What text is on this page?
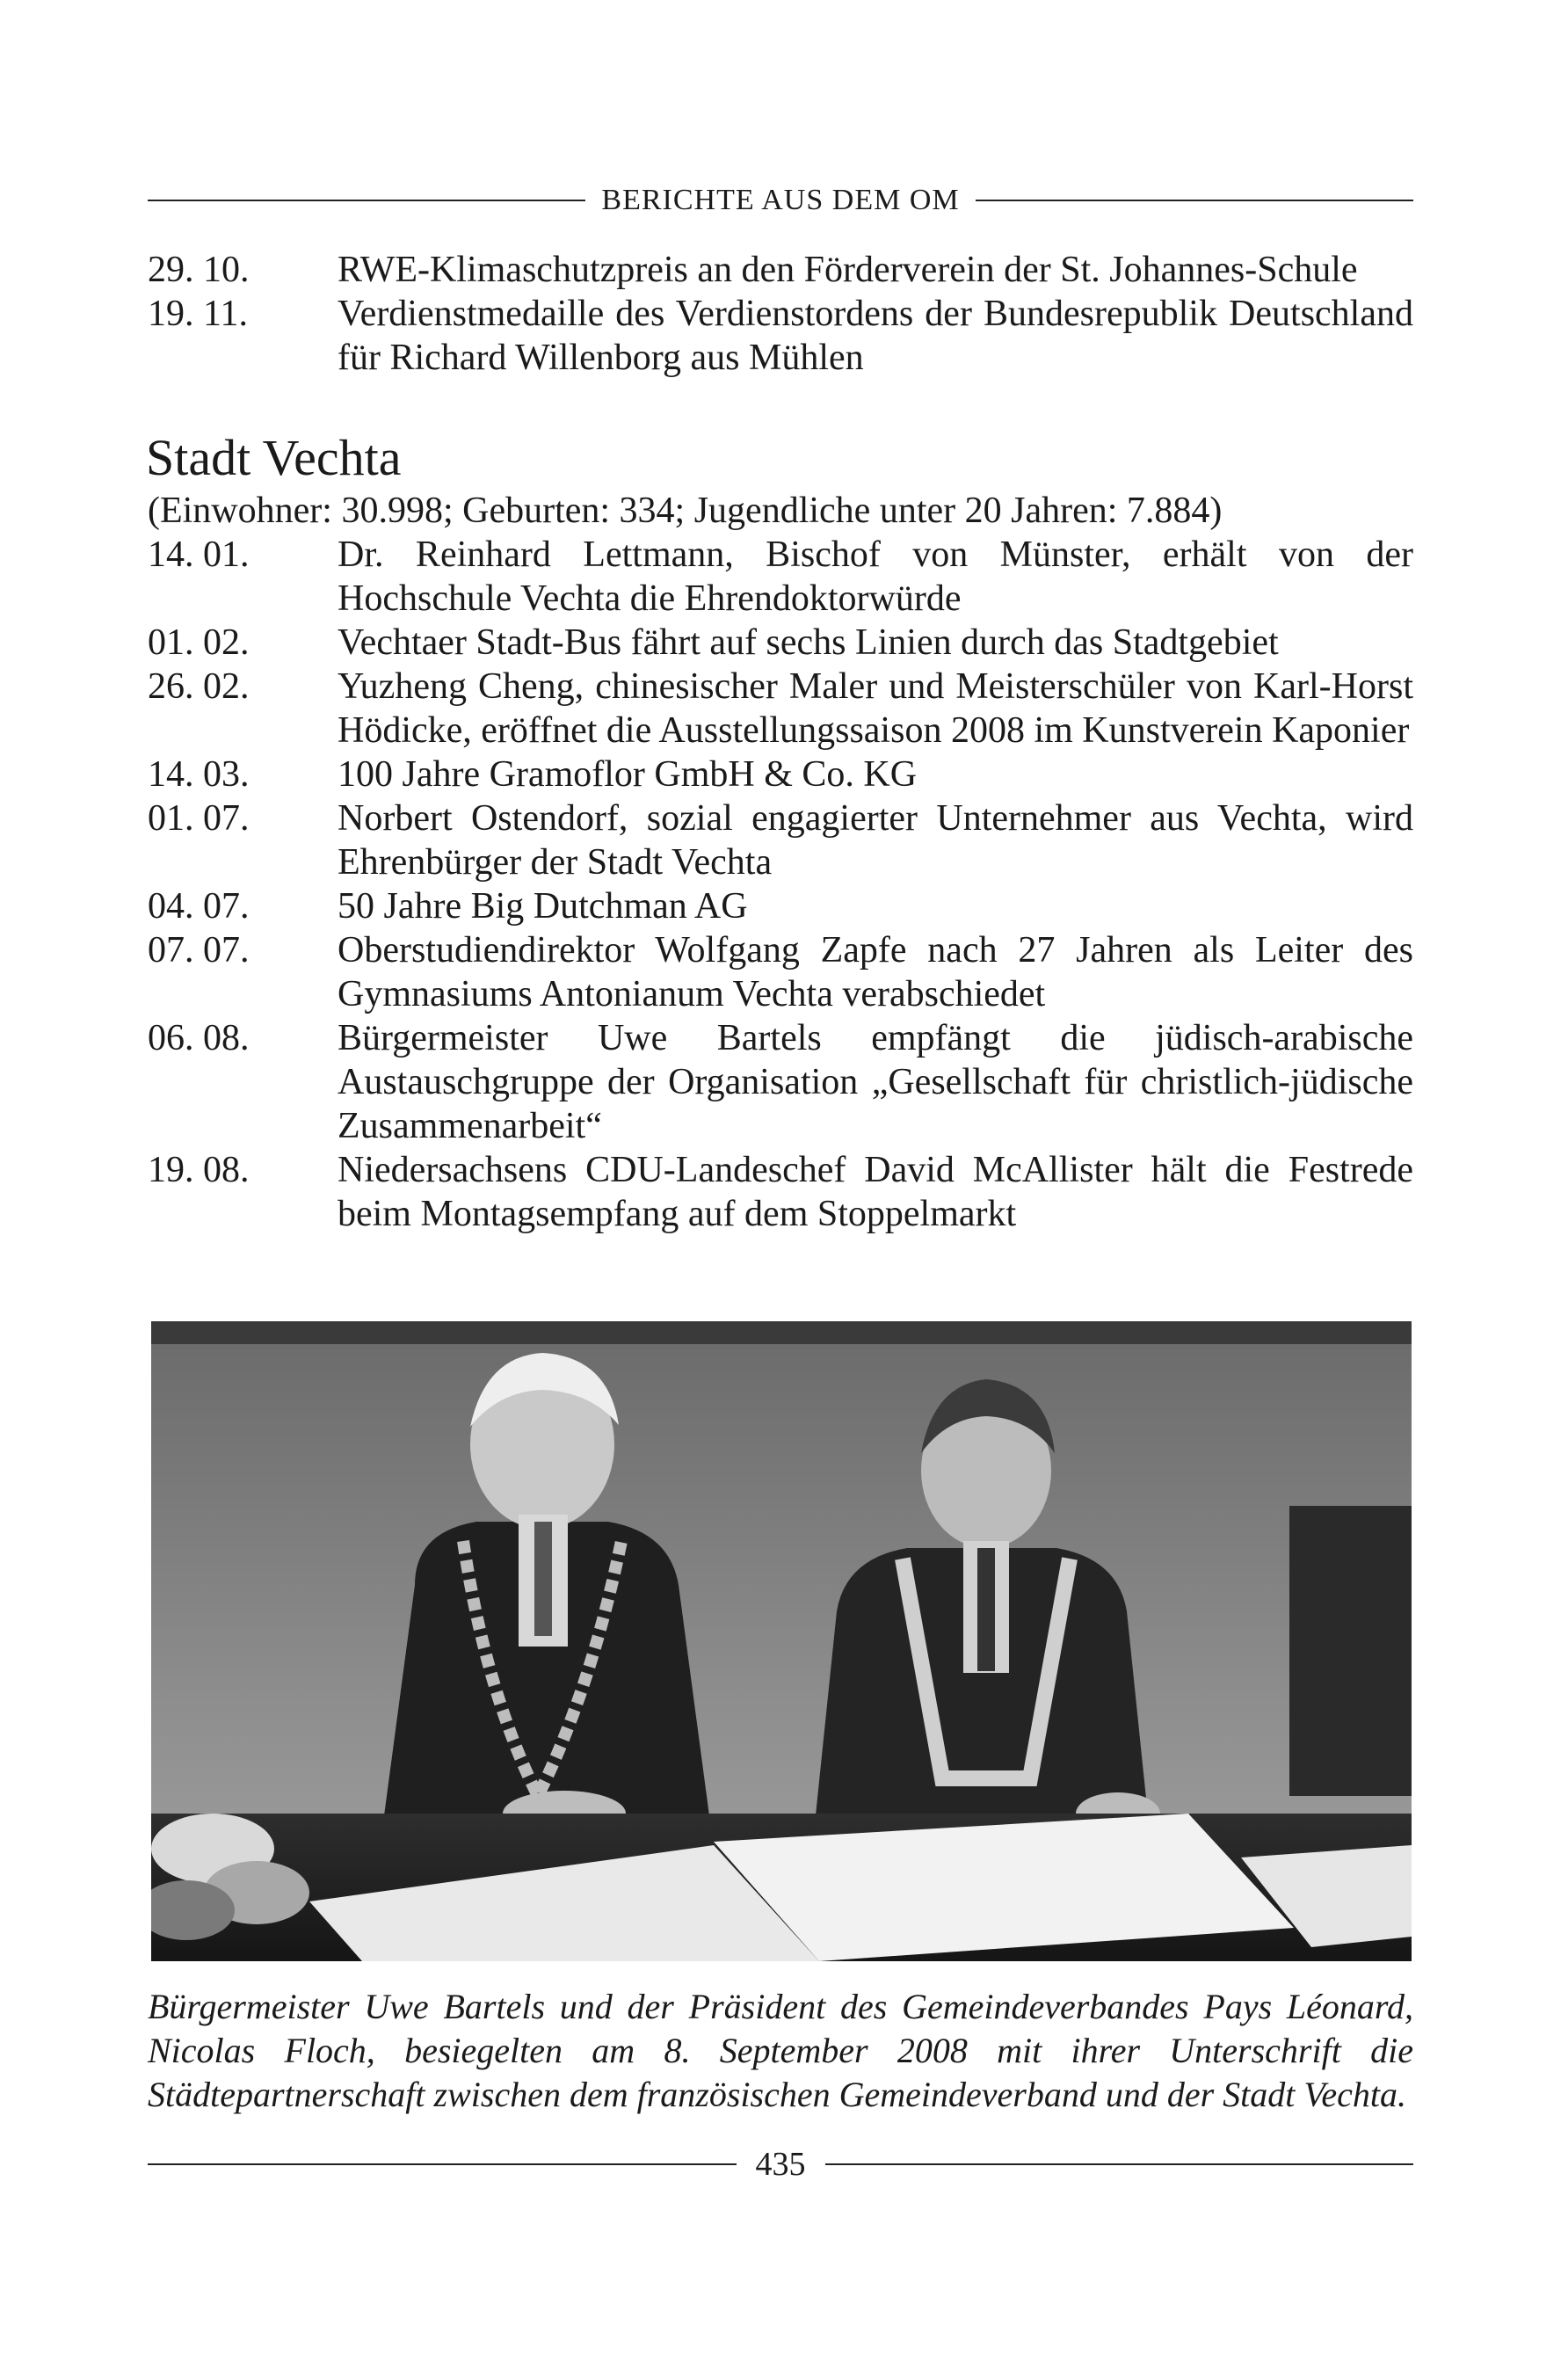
BERICHTE AUS DEM OM
29. 10.	RWE-Klimaschutzpreis an den Förderverein der St. Johannes-Schule
19. 11.	Verdienstmedaille des Verdienstordens der Bundesrepublik Deutschland für Richard Willenborg aus Mühlen
Stadt Vechta
(Einwohner: 30.998; Geburten: 334; Jugendliche unter 20 Jahren: 7.884)
14. 01.	Dr. Reinhard Lettmann, Bischof von Münster, erhält von der Hochschule Vechta die Ehrendoktorwürde
01. 02.	Vechtaer Stadt-Bus fährt auf sechs Linien durch das Stadtgebiet
26. 02.	Yuzheng Cheng, chinesischer Maler und Meisterschüler von Karl-Horst Hödicke, eröffnet die Ausstellungssaison 2008 im Kunstverein Kaponier
14. 03.	100 Jahre Gramoflor GmbH & Co. KG
01. 07.	Norbert Ostendorf, sozial engagierter Unternehmer aus Vechta, wird Ehrenbürger der Stadt Vechta
04. 07.	50 Jahre Big Dutchman AG
07. 07.	Oberstudiendirektor Wolfgang Zapfe nach 27 Jahren als Leiter des Gymnasiums Antonianum Vechta verabschiedet
06. 08.	Bürgermeister Uwe Bartels empfängt die jüdisch-arabische Austauschgruppe der Organisation „Gesellschaft für christlich-jüdische Zusammenarbeit“
19. 08.	Niedersachsens CDU-Landeschef David McAllister hält die Festrede beim Montagsempfang auf dem Stoppelmarkt
Bürgermeister Uwe Bartels und der Präsident des Gemeindeverbandes Pays Léonard, Nicolas Floch, besiegelten am 8. September 2008 mit ihrer Unterschrift die Städtepartnerschaft zwischen dem französischen Gemeindeverband und der Stadt Vechta.
435
